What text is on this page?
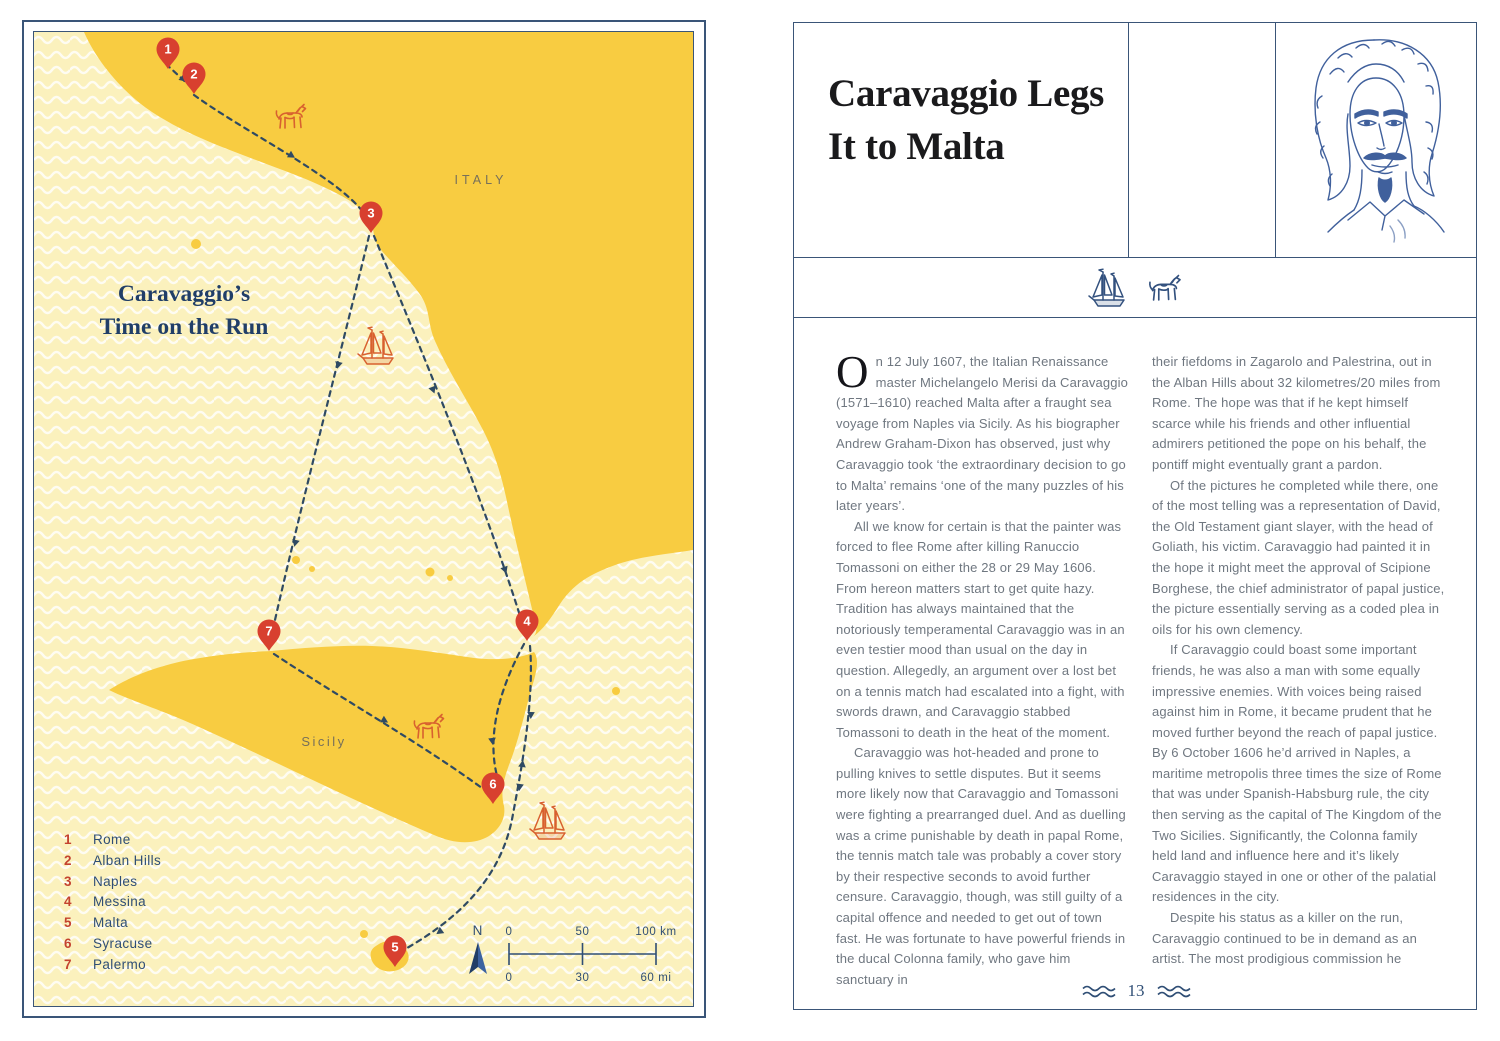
ITALY
Sicily
N 0	50	100 km
0	30	60 mi
1
2
3
4
5
6
7
Caravaggio’s
Time on the Run
1	Rome
2	Alban Hills
3	Naples
4	Messina
5	Malta
6	Syracuse
7	Palermo
Caravaggio Legs
It to Malta

On 12 July 1607, the Italian Renaissance master Michelangelo Merisi da Caravaggio (1571–1610) reached Malta after a fraught sea voyage from Naples via Sicily. As his biographer Andrew Graham-Dixon has observed, just why Caravaggio took ‘the extraordinary decision to go to Malta’ remains ‘one of the many puzzles of his later years’.

All we know for certain is that the painter was forced to flee Rome after killing Ranuccio Tomassoni on either the 28 or 29 May 1606. From hereon matters start to get quite hazy. Tradition has always maintained that the notoriously temperamental Caravaggio was in an even testier mood than usual on the day in question. Allegedly, an argument over a lost bet on a tennis match had escalated into a fight, with swords drawn, and Caravaggio stabbed Tomassoni to death in the heat of the moment.

Caravaggio was hot-headed and prone to pulling knives to settle disputes. But it seems more likely now that Caravaggio and Tomassoni were fighting a prearranged duel. And as duelling was a crime punishable by death in papal Rome, the tennis match tale was probably a cover story by their respective seconds to avoid further censure. Caravaggio, though, was still guilty of a capital offence and needed to get out of town fast. He was fortunate to have powerful friends in the ducal Colonna family, who gave him sanctuary in

their fiefdoms in Zagarolo and Palestrina, out in the Alban Hills about 32 kilometres/20 miles from Rome. The hope was that if he kept himself scarce while his friends and other influential admirers petitioned the pope on his behalf, the pontiff might eventually grant a pardon.

Of the pictures he completed while there, one of the most telling was a representation of David, the Old Testament giant slayer, with the head of Goliath, his victim. Caravaggio had painted it in the hope it might meet the approval of Scipione Borghese, the chief administrator of papal justice, the picture essentially serving as a coded plea in oils for his own clemency.

If Caravaggio could boast some important friends, he was also a man with some equally impressive enemies. With voices being raised against him in Rome, it became prudent that he moved further beyond the reach of papal justice. By 6 October 1606 he’d arrived in Naples, a maritime metropolis three times the size of Rome that was under Spanish-Habsburg rule, the city then serving as the capital of The Kingdom of the Two Sicilies. Significantly, the Colonna family held land and influence here and it’s likely Caravaggio stayed in one or other of the palatial residences in the city.

Despite his status as a killer on the run, Caravaggio continued to be in demand as an artist. The most prodigious commission he

13
